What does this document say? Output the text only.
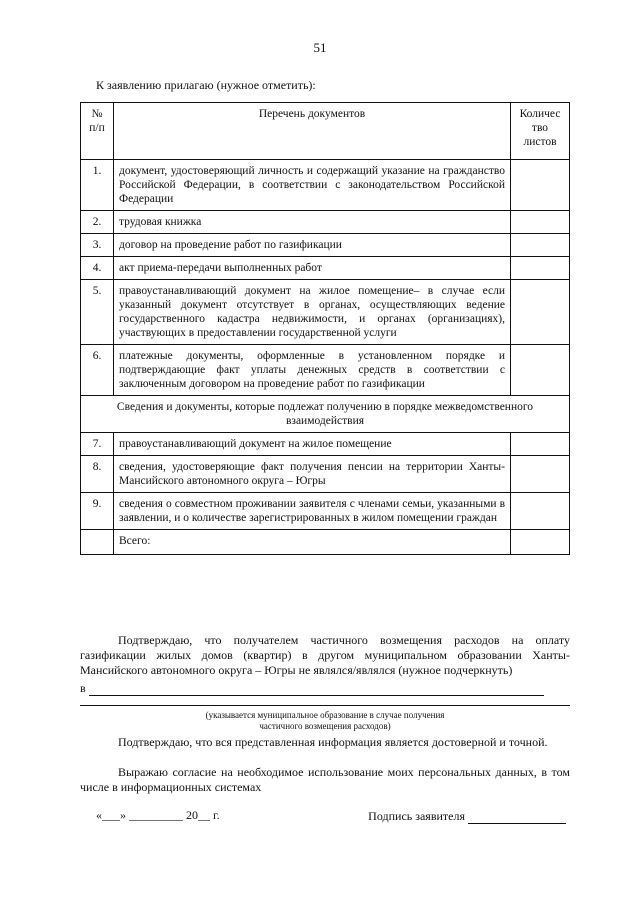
51
К заявлению прилагаю (нужное отметить):
№ п/п	Перечень документов	Количес тво листов
1.	документ, удостоверяющий личность и содержащий указание на гражданство Российской Федерации, в соответствии с законодательством Российской Федерации	
2.	трудовая книжка	
3.	договор на проведение работ по газификации	
4.	акт приема-передачи выполненных работ	
5.	правоустанавливающий документ на жилое помещение– в случае если указанный документ отсутствует в органах, осуществляющих ведение государственного кадастра недвижимости, и органах (организациях), участвующих в предоставлении государственной услуги	
6.	платежные документы, оформленные в установленном порядке и подтверждающие факт уплаты денежных средств в соответствии с заключенным договором на проведение работ по газификации	
Сведения и документы, которые подлежат получению в порядке межведомственного взаимодействия		
7.	правоустанавливающий документ на жилое помещение	
8.	сведения, удостоверяющие факт получения пенсии на территории Ханты-Мансийского автономного округа – Югры	
9.	сведения о совместном проживании заявителя с членами семьи, указанными в заявлении, и о количестве зарегистрированных в жилом помещении граждан	
	Всего:	
Подтверждаю, что получателем частичного возмещения расходов на оплату газификации жилых домов (квартир) в другом муниципальном образовании Ханты-Мансийского автономного округа – Югры не являлся/являлся (нужное подчеркнуть)
в
(указывается муниципальное образование в случае получения
частичного возмещения расходов)
Подтверждаю, что вся представленная информация является достоверной и точной.
Выражаю согласие на необходимое использование моих персональных данных, в том числе в информационных системах
«___» _________ 20__ г.	Подпись заявителя
